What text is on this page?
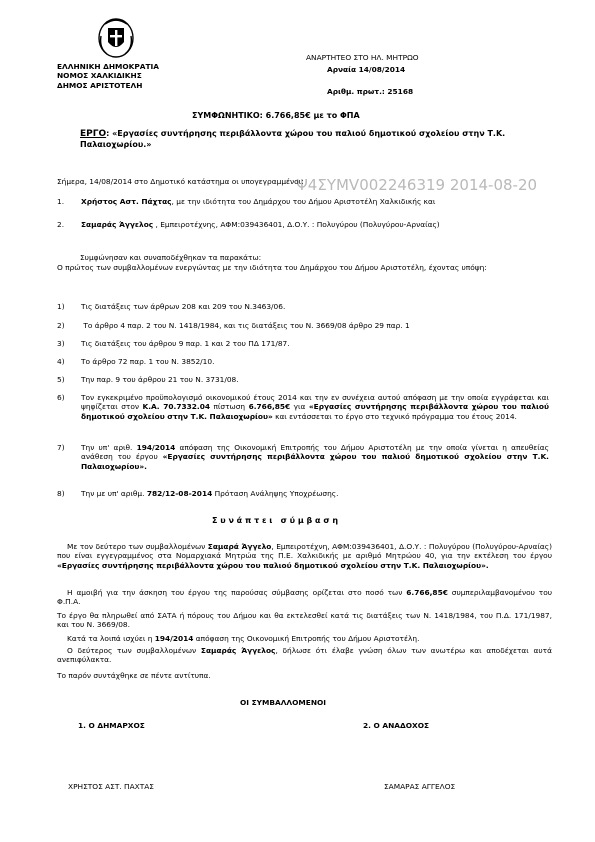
ΕΛΛΗΝΙΚΗ ΔΗΜΟΚΡΑΤΙΑ
ΝΟΜΟΣ ΧΑΛΚΙΔΙΚΗΣ
ΔΗΜΟΣ ΑΡΙΣΤΟΤΕΛΗ
ΑΝΑΡΤΗΤΕΟ ΣΤΟ ΗΛ. ΜΗΤΡΩΟ
Αρναία 14/08/2014
Αριθμ. πρωτ.: 25168
ΣΥΜΦΩΝΗΤΙΚΟ: 6.766,85€ με το ΦΠΑ
ΕΡΓΟ: «Εργασίες συντήρησης περιβάλλοντα χώρου του παλιού δημοτικού σχολείου στην Τ.Κ. Παλαιοχωρίου.»
Ψ4ΣΥΜV002246319 2014-08-20
Σήμερα, 14/08/2014 στο Δημοτικό κατάστημα οι υπογεγραμμένοι:
1. Χρήστος Αστ. Πάχτας, με την ιδιότητα του Δημάρχου του Δήμου Αριστοτέλη Χαλκιδικής και
2. Σαμαράς Άγγελος , Εμπειροτέχνης, ΑΦΜ:039436401, Δ.Ο.Υ. : Πολυγύρου (Πολυγύρου-Αρναίας)
Συμφώνησαν και συναποδέχθηκαν τα παρακάτω:
Ο πρώτος των συμβαλλομένων ενεργώντας με την ιδιότητα του Δημάρχου του Δήμου Αριστοτέλη, έχοντας υπόψη:
1) Τις διατάξεις των άρθρων 208 και 209 του Ν.3463/06.
2) Το άρθρο 4 παρ. 2 του Ν. 1418/1984, και τις διατάξεις του Ν. 3669/08 άρθρο 29 παρ. 1
3) Τις διατάξεις του άρθρου 9 παρ. 1 και 2 του ΠΔ 171/87.
4) Το άρθρο 72 παρ. 1 του Ν. 3852/10.
5) Την παρ. 9 του άρθρου 21 του Ν. 3731/08.
6) Τον εγκεκριμένο προϋπολογισμό οικονομικού έτους 2014 και την εν συνέχεια αυτού απόφαση με την οποία εγγράφεται και ψηφίζεται στον Κ.Α. 70.7332.04 πίστωση 6.766,85€ για «Εργασίες συντήρησης περιβάλλοντα χώρου του παλιού δημοτικού σχολείου στην Τ.Κ. Παλαιοχωρίου» και εντάσσεται το έργο στο τεχνικό πρόγραμμα του έτους 2014.
7) Την υπ' αριθ. 194/2014 απόφαση της Οικονομική Επιτροπής του Δήμου Αριστοτέλη με την οποία γίνεται η απευθείας ανάθεση του έργου «Εργασίες συντήρησης περιβάλλοντα χώρου του παλιού δημοτικού σχολείου στην Τ.Κ. Παλαιοχωρίου».
8) Την με υπ' αριθμ. 782/12-08-2014 Πρόταση Ανάληψης Υποχρέωσης.
Σ υ ν ά π τ ε ι   σ ύ μ β α σ η
Με τον δεύτερο των συμβαλλομένων Σαμαρά Άγγελο, Εμπειροτέχνη, ΑΦΜ:039436401, Δ.Ο.Υ. : Πολυγύρου (Πολυγύρου-Αρναίας) που είναι εγγεγραμμένος στα Νομαρχιακά Μητρώα της Π.Ε. Χαλκιδικής με αριθμό Μητρώου 40, για την εκτέλεση του έργου «Εργασίες συντήρησης περιβάλλοντα χώρου του παλιού δημοτικού σχολείου στην Τ.Κ. Παλαιοχωρίου».
Η αμοιβή για την άσκηση του έργου της παρούσας σύμβασης ορίζεται στο ποσό των 6.766,85€ συμπεριλαμβανομένου του Φ.Π.Α.
Το έργο θα πληρωθεί από ΣΑΤΑ ή πόρους του Δήμου και θα εκτελεσθεί κατά τις διατάξεις των Ν. 1418/1984, του Π.Δ. 171/1987, και του Ν. 3669/08.
Κατά τα λοιπά ισχύει η 194/2014 απόφαση της Οικονομική Επιτροπής του Δήμου Αριστοτέλη.
Ο δεύτερος των συμβαλλομένων Σαμαράς Άγγελος, δήλωσε ότι έλαβε γνώση όλων των ανωτέρω και αποδέχεται αυτά ανεπιφύλακτα.
Το παρόν συντάχθηκε σε πέντε αντίτυπα.
ΟΙ ΣΥΜΒΑΛΛΟΜΕΝΟΙ
1. Ο ΔΗΜΑΡΧΟΣ	2. Ο ΑΝΑΔΟΧΟΣ
ΧΡΗΣΤΟΣ ΑΣΤ. ΠΑΧΤΑΣ	ΣΑΜΑΡΑΣ ΑΓΓΕΛΟΣ
